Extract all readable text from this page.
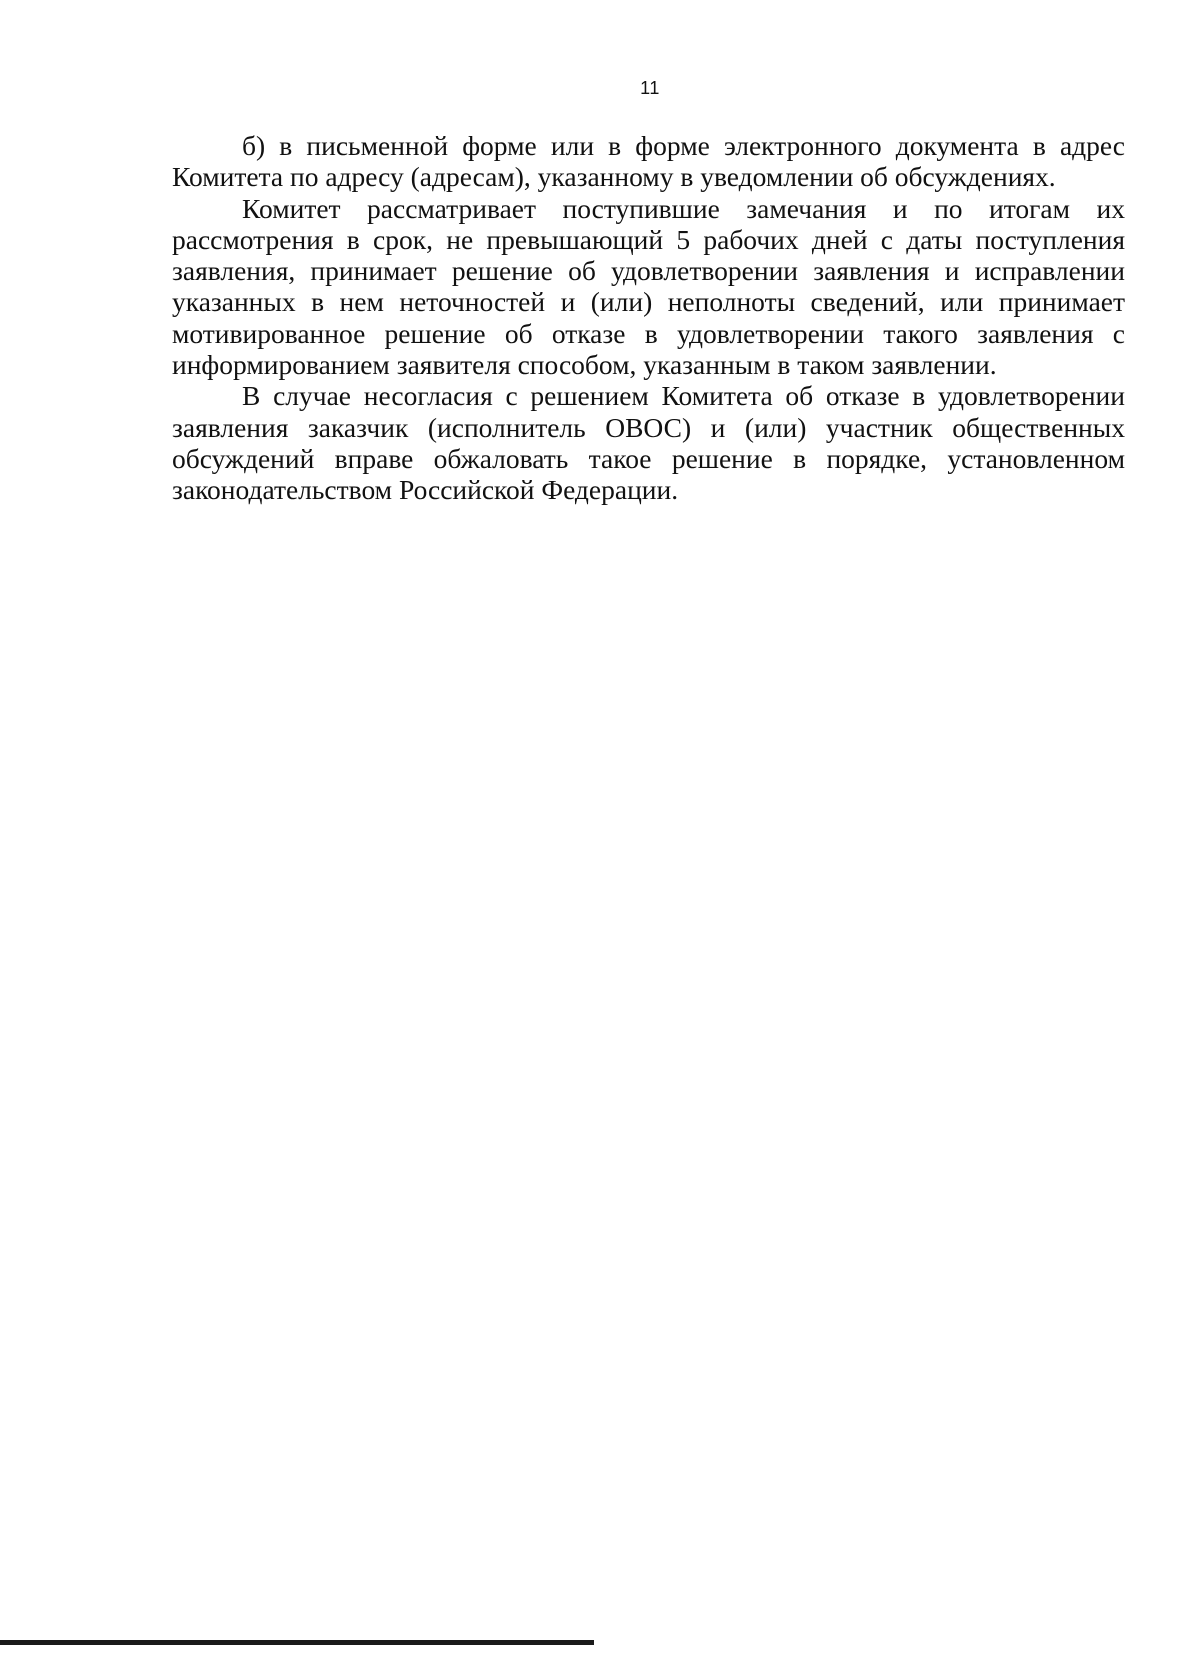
11

б) в письменной форме или в форме электронного документа в адрес Комитета по адресу (адресам), указанному в уведомлении об обсуждениях.

Комитет рассматривает поступившие замечания и по итогам их рассмотрения в срок, не превышающий 5 рабочих дней с даты поступления заявления, принимает решение об удовлетворении заявления и исправлении указанных в нем неточностей и (или) неполноты сведений, или принимает мотивированное решение об отказе в удовлетворении такого заявления с информированием заявителя способом, указанным в таком заявлении.

В случае несогласия с решением Комитета об отказе в удовлетворении заявления заказчик (исполнитель ОВОС) и (или) участник общественных обсуждений вправе обжаловать такое решение в порядке, установленном законодательством Российской Федерации.
